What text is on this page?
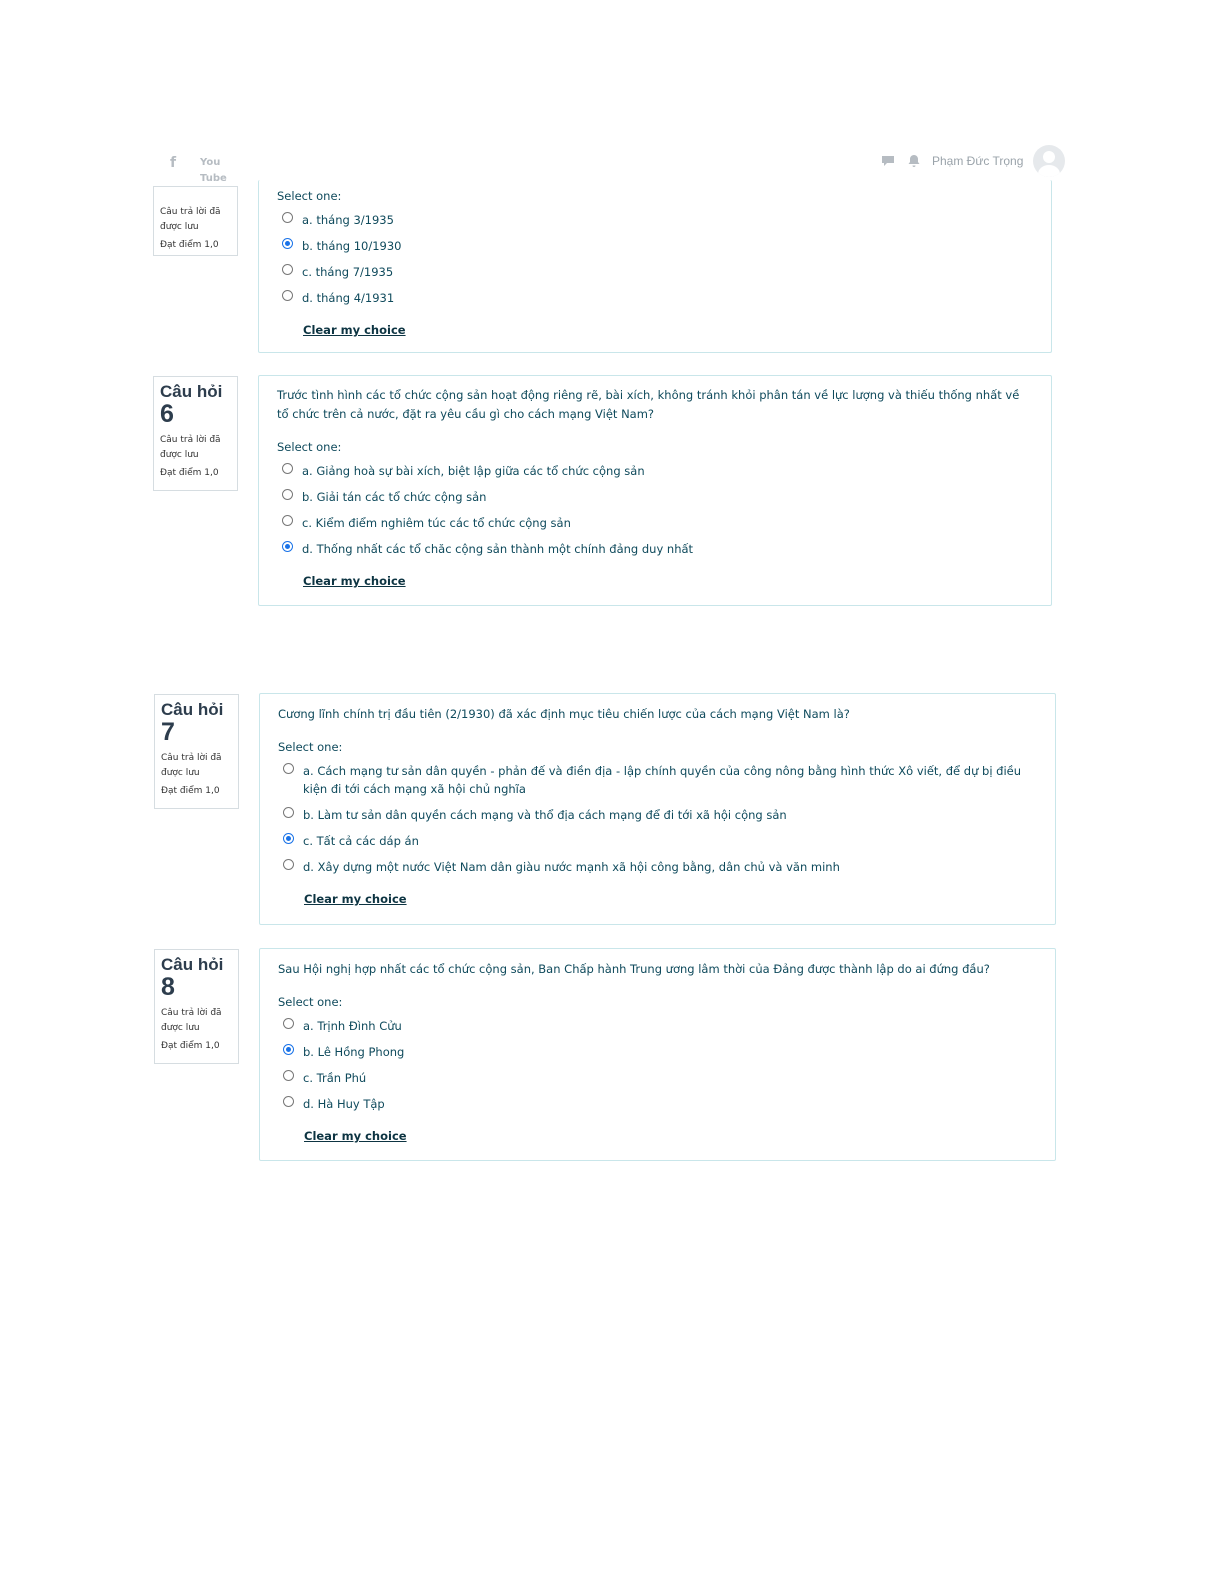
f	You
Tube
Phạm Đức Trọng
Câu trả lời đã được lưu
Đạt điểm 1,0
Select one:
a. tháng 3/1935
b. tháng 10/1930
c. tháng 7/1935
d. tháng 4/1931
Clear my choice
Câu hỏi
6
Câu trả lời đã được lưu
Đạt điểm 1,0
Trước tình hình các tổ chức cộng sản hoạt động riêng rẽ, bài xích, không tránh khỏi phân tán về lực lượng và thiếu thống nhất về tổ chức trên cả nước, đặt ra yêu cầu gì cho cách mạng Việt Nam?
Select one:
a. Giảng hoà sự bài xích, biệt lập giữa các tổ chức cộng sản
b. Giải tán các tổ chức cộng sản
c. Kiểm điểm nghiêm túc các tổ chức cộng sản
d. Thống nhất các tổ chăc cộng sản thành một chính đảng duy nhất
Clear my choice
Câu hỏi
7
Câu trả lời đã được lưu
Đạt điểm 1,0
Cương lĩnh chính trị đầu tiên (2/1930) đã xác định mục tiêu chiến lược của cách mạng Việt Nam là?
Select one:
a. Cách mạng tư sản dân quyền - phản đế và điền địa - lập chính quyền của công nông bằng hình thức Xô viết, để dự bị điều kiện đi tới cách mạng xã hội chủ nghĩa
b. Làm tư sản dân quyền cách mạng và thổ địa cách mạng để đi tới xã hội cộng sản
c. Tất cả các dáp án
d. Xây dựng một nước Việt Nam dân giàu nước mạnh xã hội công bằng, dân chủ và văn minh
Clear my choice
Câu hỏi
8
Câu trả lời đã được lưu
Đạt điểm 1,0
Sau Hội nghị hợp nhất các tổ chức cộng sản, Ban Chấp hành Trung ương lâm thời của Đảng được thành lập do ai đứng đầu?
Select one:
a. Trịnh Đình Cửu
b. Lê Hồng Phong
c. Trần Phú
d. Hà Huy Tập
Clear my choice
